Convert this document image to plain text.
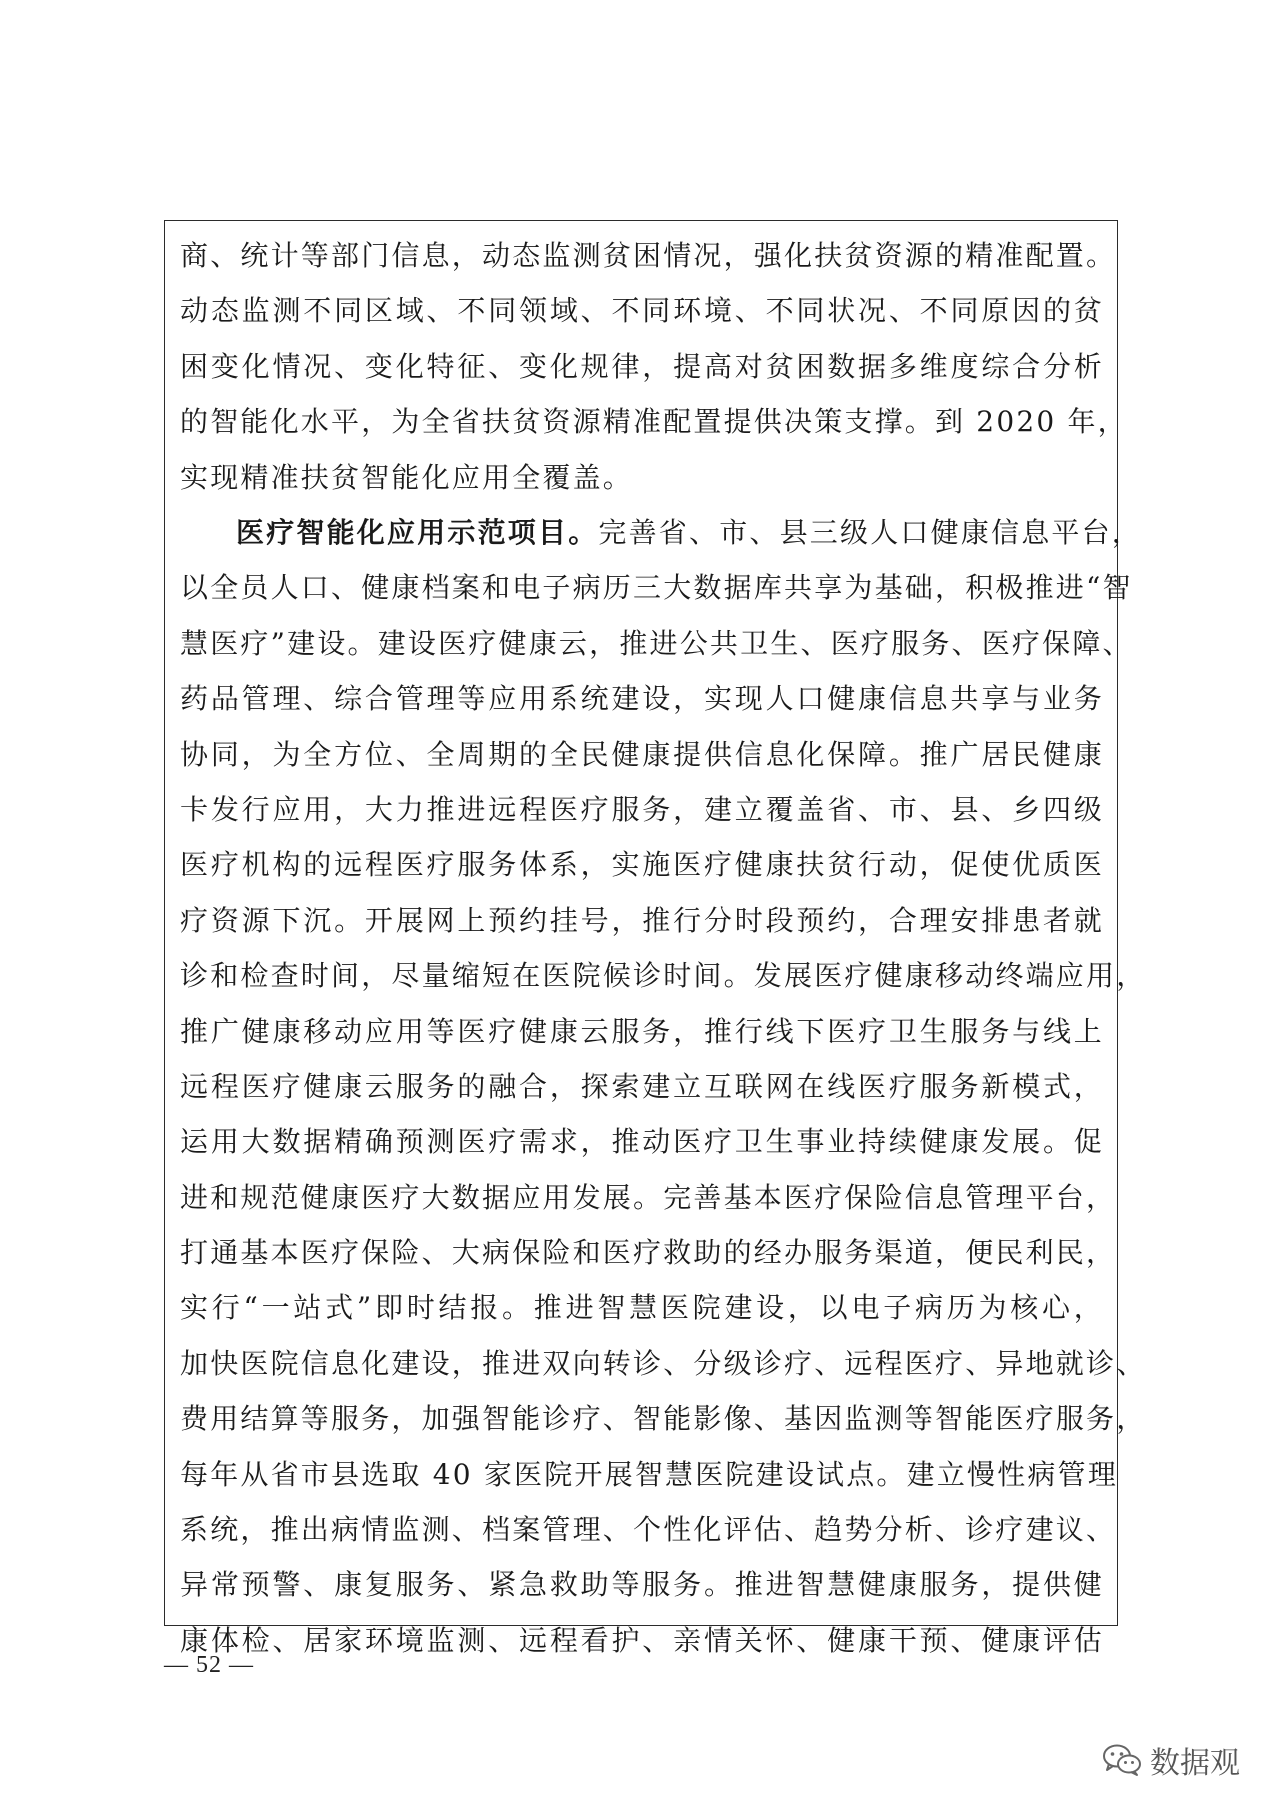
商、统计等部门信息，动态监测贫困情况，强化扶贫资源的精准配置。
动态监测不同区域、不同领域、不同环境、不同状况、不同原因的贫
困变化情况、变化特征、变化规律，提高对贫困数据多维度综合分析
的智能化水平，为全省扶贫资源精准配置提供决策支撑。到 2020 年，
实现精准扶贫智能化应用全覆盖。
医疗智能化应用示范项目。完善省、市、县三级人口健康信息平台，
以全员人口、健康档案和电子病历三大数据库共享为基础，积极推进“智
慧医疗”建设。建设医疗健康云，推进公共卫生、医疗服务、医疗保障、
药品管理、综合管理等应用系统建设，实现人口健康信息共享与业务
协同，为全方位、全周期的全民健康提供信息化保障。推广居民健康
卡发行应用，大力推进远程医疗服务，建立覆盖省、市、县、乡四级
医疗机构的远程医疗服务体系，实施医疗健康扶贫行动，促使优质医
疗资源下沉。开展网上预约挂号，推行分时段预约，合理安排患者就
诊和检查时间，尽量缩短在医院候诊时间。发展医疗健康移动终端应用，
推广健康移动应用等医疗健康云服务，推行线下医疗卫生服务与线上
远程医疗健康云服务的融合，探索建立互联网在线医疗服务新模式，
运用大数据精确预测医疗需求，推动医疗卫生事业持续健康发展。促
进和规范健康医疗大数据应用发展。完善基本医疗保险信息管理平台，
打通基本医疗保险、大病保险和医疗救助的经办服务渠道，便民利民，
实行“一站式”即时结报。推进智慧医院建设，以电子病历为核心，
加快医院信息化建设，推进双向转诊、分级诊疗、远程医疗、异地就诊、
费用结算等服务，加强智能诊疗、智能影像、基因监测等智能医疗服务，
每年从省市县选取 40 家医院开展智慧医院建设试点。建立慢性病管理
系统，推出病情监测、档案管理、个性化评估、趋势分析、诊疗建议、
异常预警、康复服务、紧急救助等服务。推进智慧健康服务，提供健
康体检、居家环境监测、远程看护、亲情关怀、健康干预、健康评估
— 52 —
数据观
